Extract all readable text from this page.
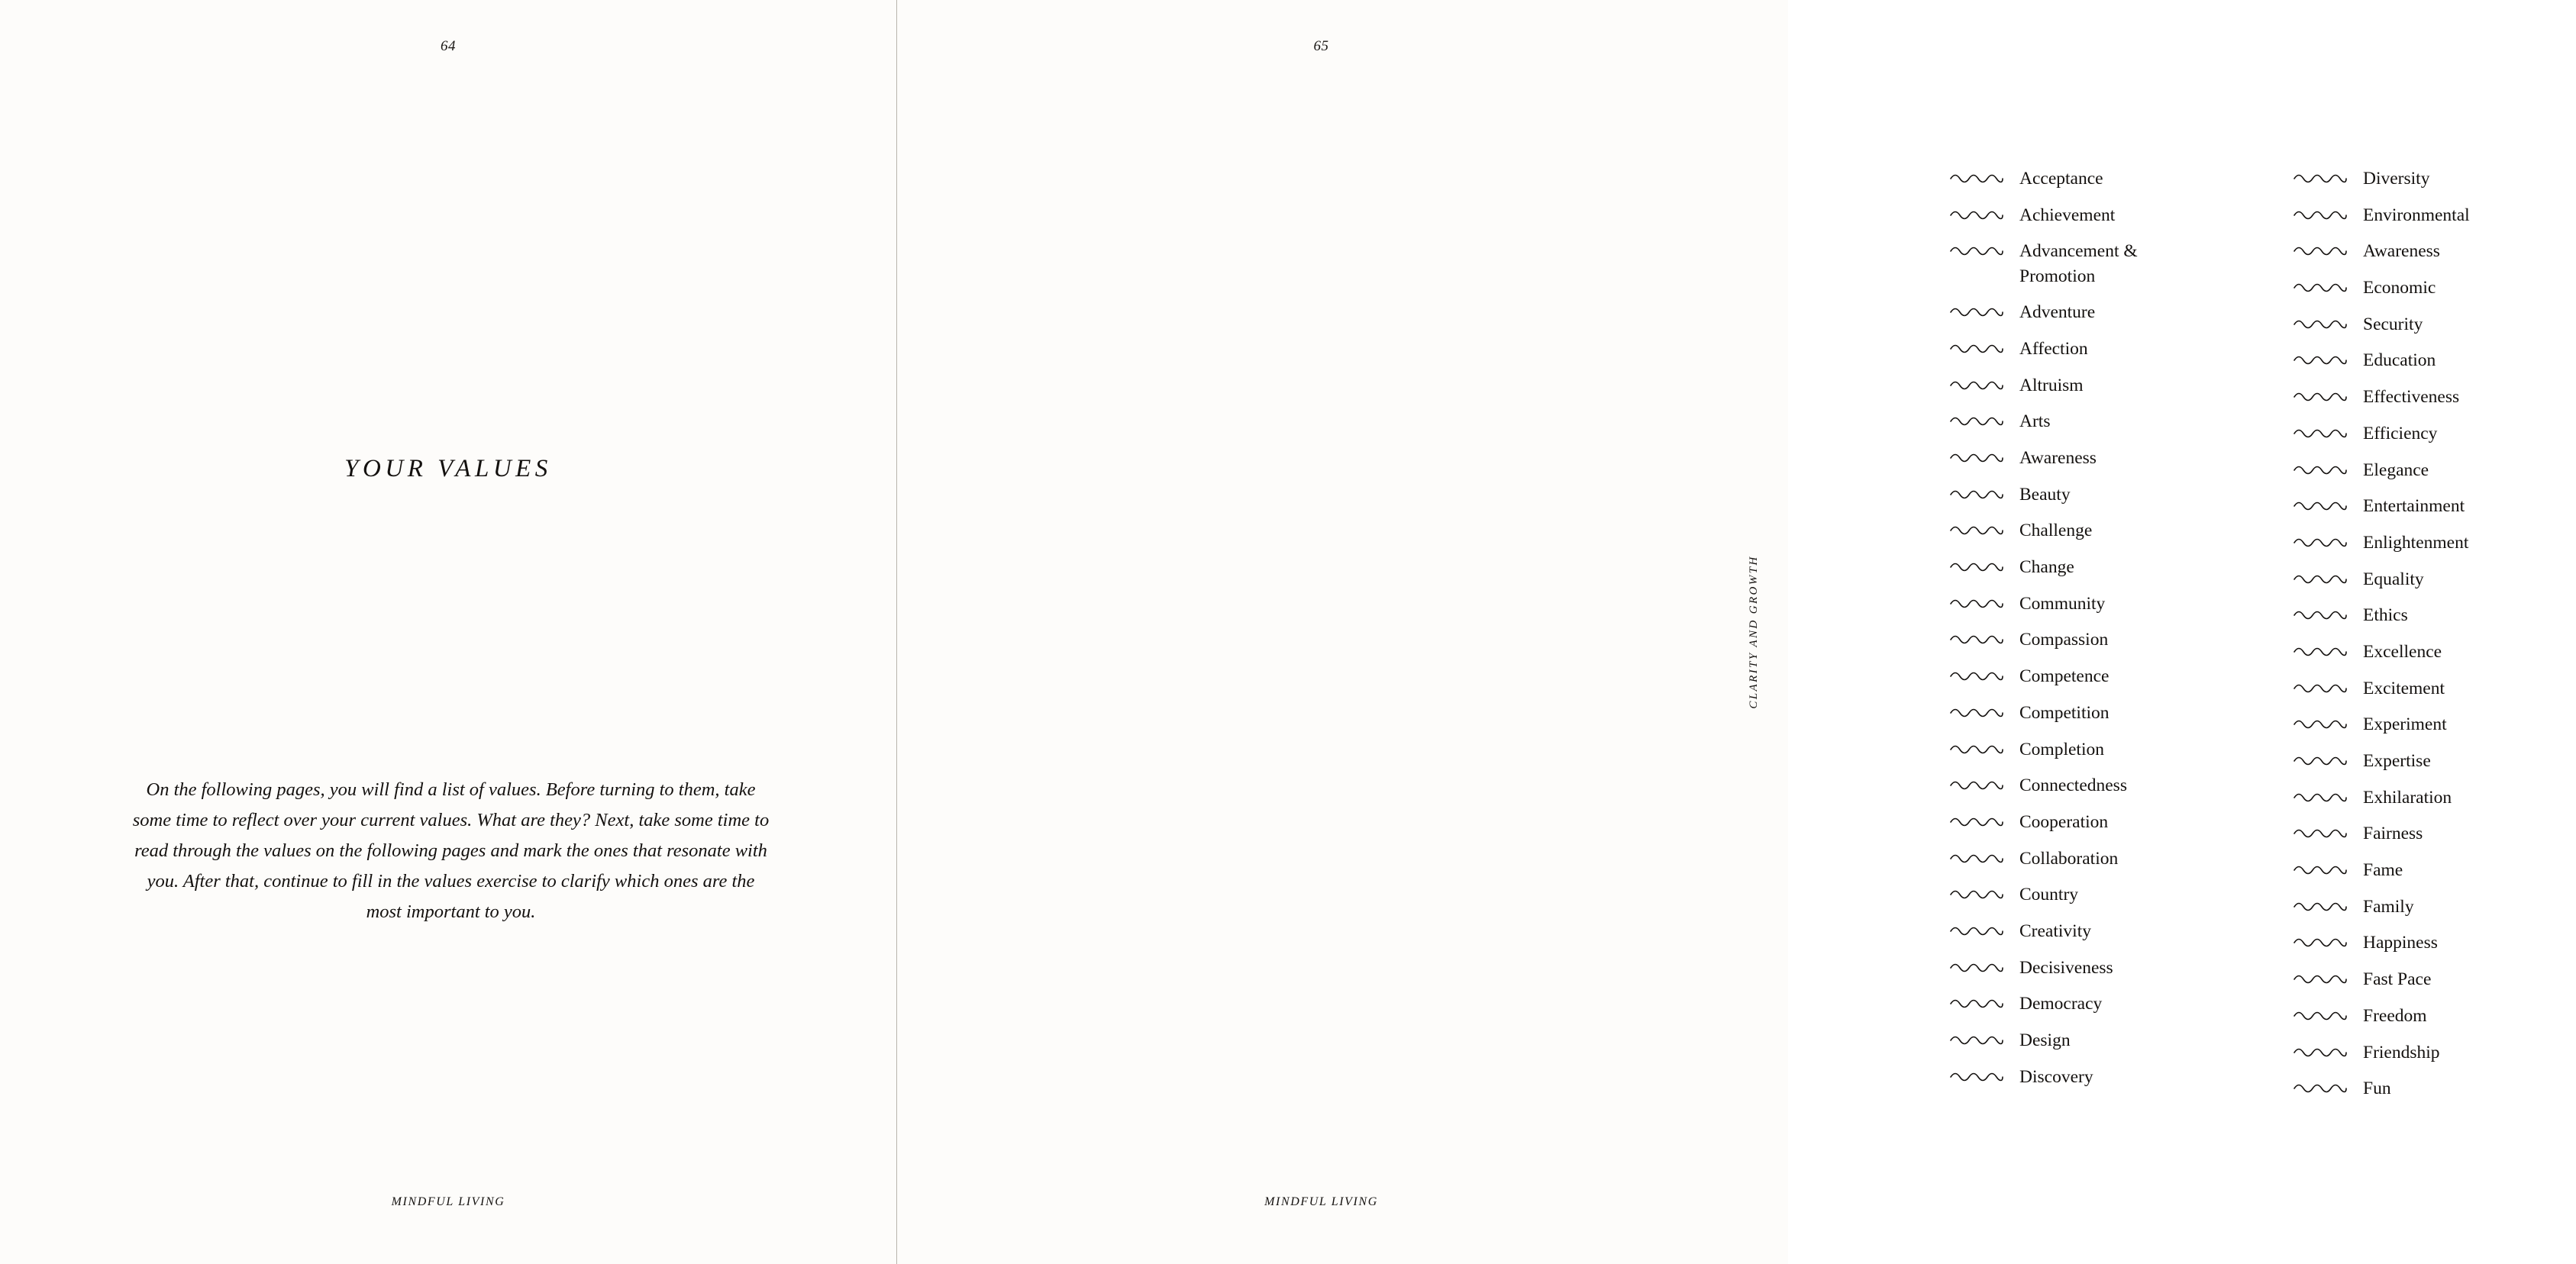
64
YOUR VALUES
On the following pages, you will find a list of values. Before turning to them, take some time to reflect over your current values. What are they? Next, take some time to read through the values on the following pages and mark the ones that resonate with you. After that, continue to fill in the values exercise to clarify which ones are the most important to you.
MINDFUL LIVING
65
Acceptance
Achievement
Advancement & Promotion
Adventure
Affection
Altruism
Arts
Awareness
Beauty
Challenge
Change
Community
Compassion
Competence
Competition
Completion
Connectedness
Cooperation
Collaboration
Country
Creativity
Decisiveness
Democracy
Design
Discovery
Diversity
Environmental
Awareness
Economic
Security
Education
Effectiveness
Efficiency
Elegance
Entertainment
Enlightenment
Equality
Ethics
Excellence
Excitement
Experiment
Expertise
Exhilaration
Fairness
Fame
Family
Happiness
Fast Pace
Freedom
Friendship
Fun
CLARITY AND GROWTH
MINDFUL LIVING
